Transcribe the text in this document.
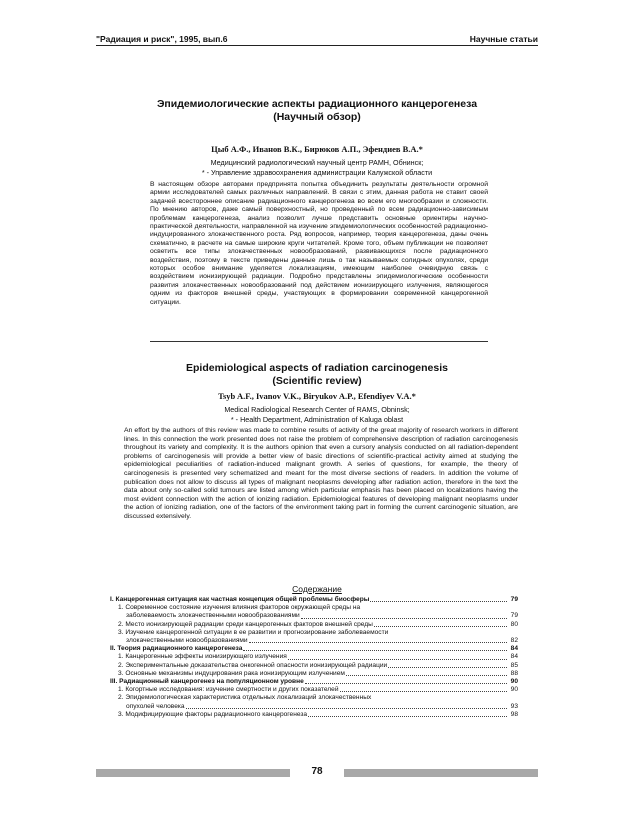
"Радиация и риск", 1995, вып.6	Научные статьи
Эпидемиологические аспекты радиационного канцерогенеза
(Научный обзор)
Цыб А.Ф., Иванов В.К., Бирюков А.П., Эфендиев В.А.*
Медицинский радиологический научный центр РАМН, Обнинск;
* - Управление здравоохранения администрации Калужской области
В настоящем обзоре авторами предпринята попытка объединить результаты деятельности огромной армии исследователей самых различных направлений. В связи с этим, данная работа не ставит своей задачей всестороннее описание радиационного канцерогенеза во всем его многообразии и сложности. По мнению авторов, даже самый поверхностный, но проведенный по всем радиационно-зависимым проблемам канцерогенеза, анализ позволит лучше представить основные ориентиры научно-практической деятельности, направленной на изучение эпидемиологических особенностей радиационно-индуцированного злокачественного роста. Ряд вопросов, например, теория канцерогенеза, даны очень схематично, в расчете на самые широкие круги читателей. Кроме того, объем публикации не позволяет осветить все типы злокачественных новообразований, развивающихся после радиационного воздействия, поэтому в тексте приведены данные лишь о так называемых солидных опухолях, среди которых особое внимание уделяется локализациям, имеющим наиболее очевидную связь с воздействием ионизирующей радиации. Подробно представлены эпидемиологические особенности развития злокачественных новообразований под действием ионизирующего излучения, являющегося одним из факторов внешней среды, участвующих в формировании современной канцерогенной ситуации.
Epidemiological aspects of radiation carcinogenesis
(Scientific review)
Tsyb A.F., Ivanov V.K., Biryukov A.P., Efendiyev V.A.*
Medical Radiological Research Center of RAMS, Obninsk;
* - Health Department, Administration of Kaluga oblast
An effort by the authors of this review was made to combine results of activity of the great majority of research workers in different lines. In this connection the work presented does not raise the problem of comprehensive description of radiation carcinogenesis throughout its variety and complexity. It is the authors opinion that even a cursory analysis conducted on all radiation-dependent problems of carcinogenesis will provide a better view of basic directions of scientific-practical activity aimed at studying the epidemiological peculiarities of radiation-induced malignant growth. A series of questions, for example, the theory of carcinogenesis is presented very schematized and meant for the most diverse sections of readers. In addition the volume of publication does not allow to discuss all types of malignant neoplasms developing after radiation action, therefore in the text the data about only so-called solid tumours are listed among which particular emphasis has been placed on localizations having the most evident connection with the action of ionizing radiation. Epidemiological features of developing malignant neoplasms under the action of ionizing radiation, one of the factors of the environment taking part in forming the current carcinogenic situation, are discussed extensively.
Содержание
I. Канцерогенная ситуация как частная концепция общей проблемы биосферы	79
1. Современное состояние изучения влияния факторов окружающей среды на
заболеваемость злокачественными новообразованиями	79
2. Место ионизирующей радиации среди канцерогенных факторов внешней среды	80
3. Изучение канцерогенной ситуации в ее развитии и прогнозирование заболеваемости
злокачественными новообразованиями	82
II. Теория радиационного канцерогенеза	84
1. Канцерогенные эффекты ионизирующего излучения	84
2. Экспериментальные доказательства онкогенной опасности ионизирующей радиации	85
3. Основные механизмы индуцирования рака ионизирующим излучением	88
III. Радиационный канцерогенез на популяционном уровне	90
1. Когортные исследования: изучение смертности и других показателей	90
2. Эпидемиологическая характеристика отдельных локализаций злокачественных
опухолей человека	93
3. Модифицирующие факторы радиационного канцерогенеза	98
78
